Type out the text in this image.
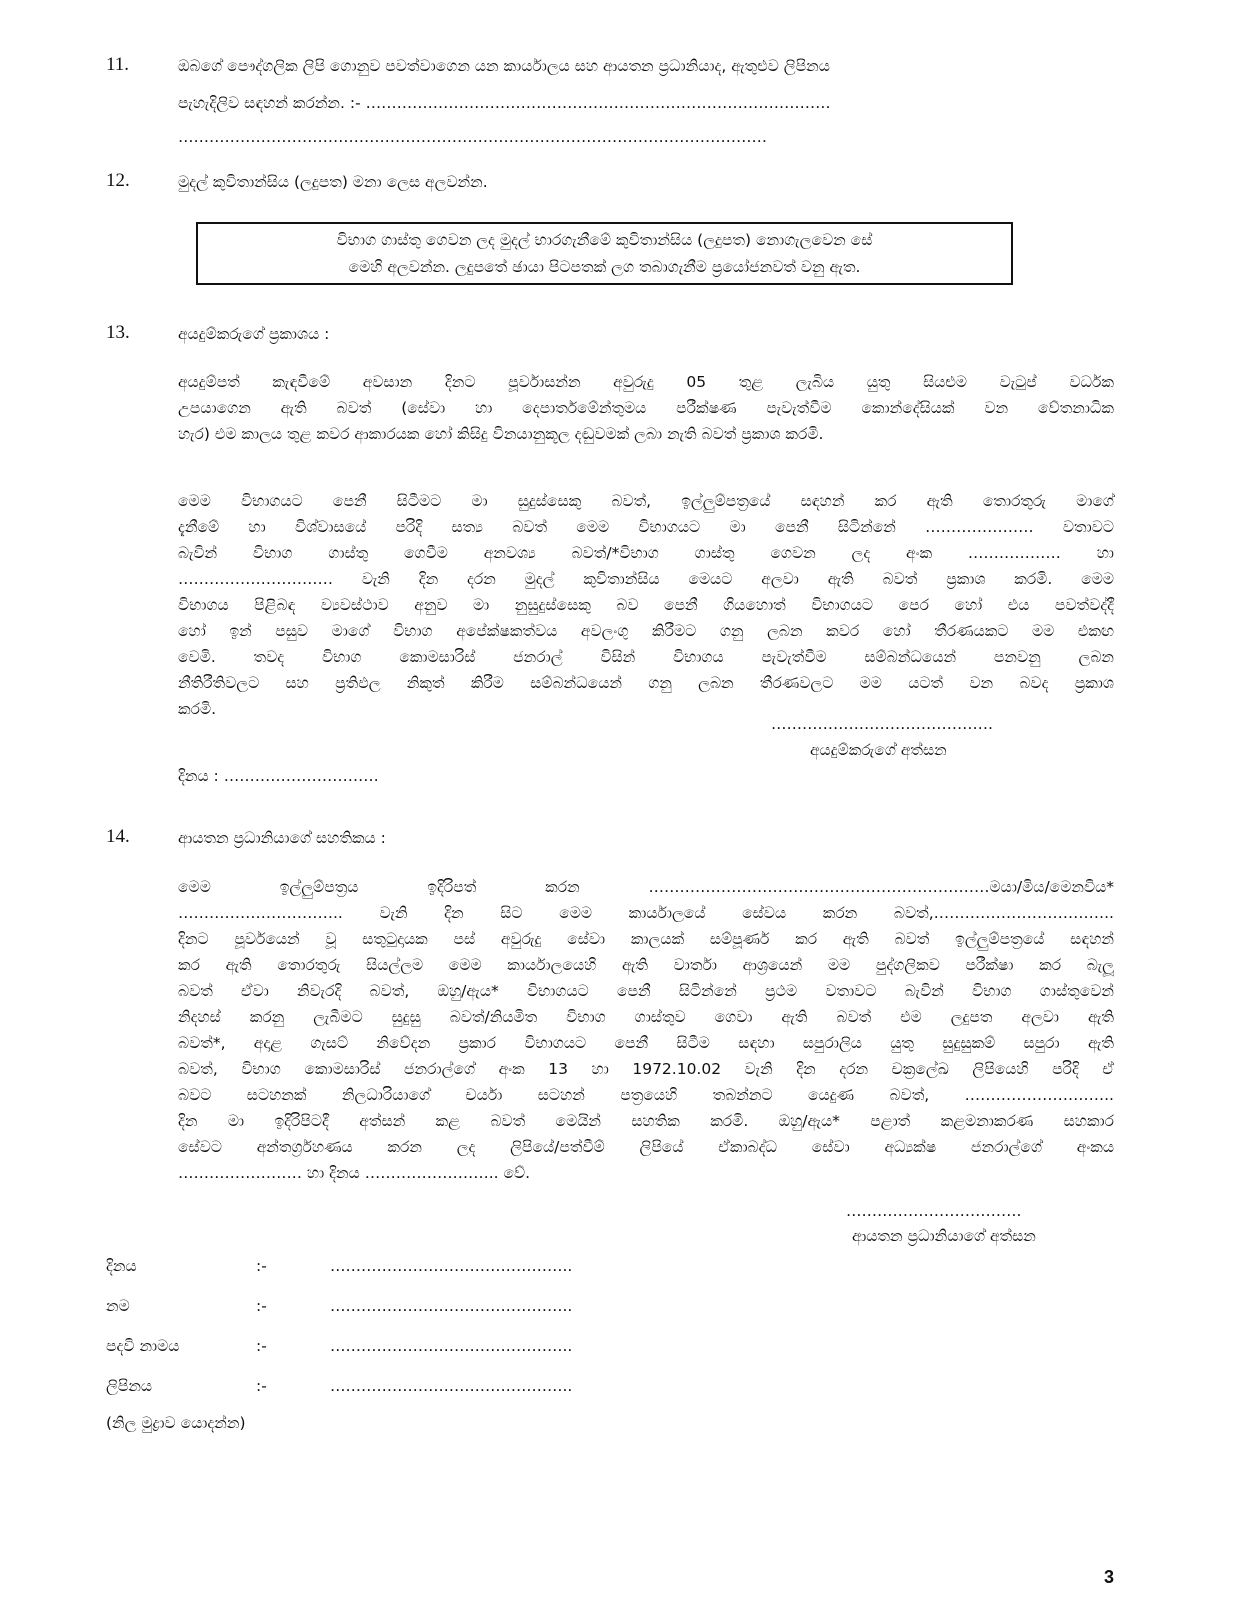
11.	ඔබගේ පෞද්ගලික ලිපි ගොනුව පවත්වාගෙන යන කාර්යාලය සහ ආයතන ප්‍රධානියාද, ඇතුළුව ලිපිනය
පැහැදිලිව සඳහන් කරන්න. :- ………………………………………………………………………………
……………………………………………………………………………………………………
12.	මුදල් කුවිතාන්සිය (ලදුපත) මනා ලෙස අලවන්න.
විභාග ගාස්තු ගෙවන ලද මුදල් භාරගැනීමේ කුවිතාන්සිය (ලදුපත) නොගැලවෙන සේ
මෙහි අලවන්න. ලදුපතේ ඡායා පිටපතක් ලග තබාගැනීම ප්‍රයෝජනවත් වනු ඇත.
13.	අයදුම්කරුගේ ප්‍රකාශය :
අයදුම්පත් කැඳවීමේ අවසාන දිනට පූර්වාසන්න අවුරුදු 05 තුළ ලැබිය යුතු සියළුම වැටුප් වර්ධක
උපයාගෙන ඇති බවත් (සේවා හා දෙපාර්තමේන්තුමය පරීක්ෂණ පැවැත්වීම කොන්දේසියක් වන වේතනාධික
හැර) එම කාලය තුළ කවර ආකාරයක හෝ කිසිදු විනයානුකූල දඬුවමක් ලබා නැති බවත් ප්‍රකාශ කරමි.
මෙම විභාගයට පෙනී සිටීමට මා සුදුස්සෙකු බවත්, ඉල්ලුම්පත්‍රයේ සඳහන් කර ඇති තොරතුරු මාගේ
දැනීමේ හා විශ්වාසයේ පරිදි සත්‍ය බවත් මෙම විභාගයට මා පෙනී සිටින්නේ ………………… වතාවට
බැවින් විභාග ගාස්තු ගෙවීම අනවශ්‍ය බවත්/*විභාග ගාස්තු ගෙවන ලද අංක ……………… හා
………………………… වැනි දින දරන මුදල් කුවිතාන්සිය මෙයට අලවා ඇති බවත් ප්‍රකාශ කරමි. මෙම
විභාගය පිළිබඳ ව්‍යවස්ථාව අනුව මා නුසුදුස්සෙකු බව පෙනී ගියහොත් විභාගයට පෙර හෝ එය පවත්වද්දී
හෝ ඉන් පසුව මාගේ විභාග අපේක්ෂකත්වය අවලංගු කිරීමට ගනු ලබන කවර හෝ තීරණයකට මම එකඟ
වෙමි. තවද විභාග කොමසාරිස් ජනරාල් විසින් විභාගය පැවැත්වීම සම්බන්ධයෙන් පනවනු ලබන
නීතිරීතිවලට සහ ප්‍රතිඵල නිකුත් කිරීම සම්බන්ධයෙන් ගනු ලබන තීරණවලට මම යටත් වන බවද ප්‍රකාශ
කරමි.
…………………………………….
අයදුම්කරුගේ අත්සන
දිනය : …………………………
14.	ආයතන ප්‍රධානියාගේ සහතිකය :
මෙම ඉල්ලුම්පත්‍රය ඉදිරිපත් කරන …………………………………………………………මයා/මිය/මෙනවිය*
………………………….. වැනි දින සිට මෙම කාර්යාලයේ සේවය කරන බවත්,……………………………..
දිනට පූර්වයෙන් වූ සතුටුදායක පස් අවුරුදු සේවා කාලයක් සම්පූර්ණ කර ඇති බවත් ඉල්ලුම්පත්‍රයේ සඳහන්
කර ඇති තොරතුරු සියල්ලම මෙම කාර්යාලයෙහි ඇති වාර්තා ආශ්‍රයෙන් මම පුද්ගලිකව පරීක්ෂා කර බැලූ
බවත් ඒවා නිවැරදි බවත්, ඔහු/ඇය* විභාගයට පෙනී සිටින්නේ ප්‍රථම වතාවට බැවින් විභාග ගාස්තුවෙන්
නිදහස් කරනු ලැබීමට සුදුසු බවත්/නියමිත විභාග ගාස්තුව ගෙවා ඇති බවත් එම ලදුපත අලවා ඇති
බවත්*, අදාළ ගැසට් නිවේදන ප්‍රකාර විභාගයට පෙනී සිටීම සඳහා සපුරාලිය යුතු සුදුසුකම් සපුරා ඇති
බවත්, විභාග කොමසාරිස් ජනරාල්ගේ අංක 13 හා 1972.10.02 වැනි දින දරන චක්‍රලේඛ ලිපියෙහි පරිදි ඒ
බවට සටහනක් නිලධාරියාගේ චර්යා සටහන් පත්‍රයෙහි තබන්නට යෙදුණ බවත්, ………………………..
දින මා ඉදිරිපිටදී අත්සන් කළ බවත් මෙයින් සහතික කරමි. ඔහු/ඇය* පළාත් කළමනාකරණ සහකාර
සේවට අන්තර්ග්‍රහණය කරන ලද ලිපියේ/පත්වීම් ලිපියේ ඒකාබද්ධ සේවා අධ්‍යක්ෂ ජනරාල්ගේ අංකය
…………………… හා දිනය …………………….. වේ.
…………………………….
ආයතන ප්‍රධානියාගේ අත්සන
දිනය	:-	………………………………………..
නම	:-	………………………………………..
පදවි නාමය	:-	………………………………………..
ලිපිනය	:-	………………………………………..
(නිල මුද්‍රාව යොදන්න)
3
